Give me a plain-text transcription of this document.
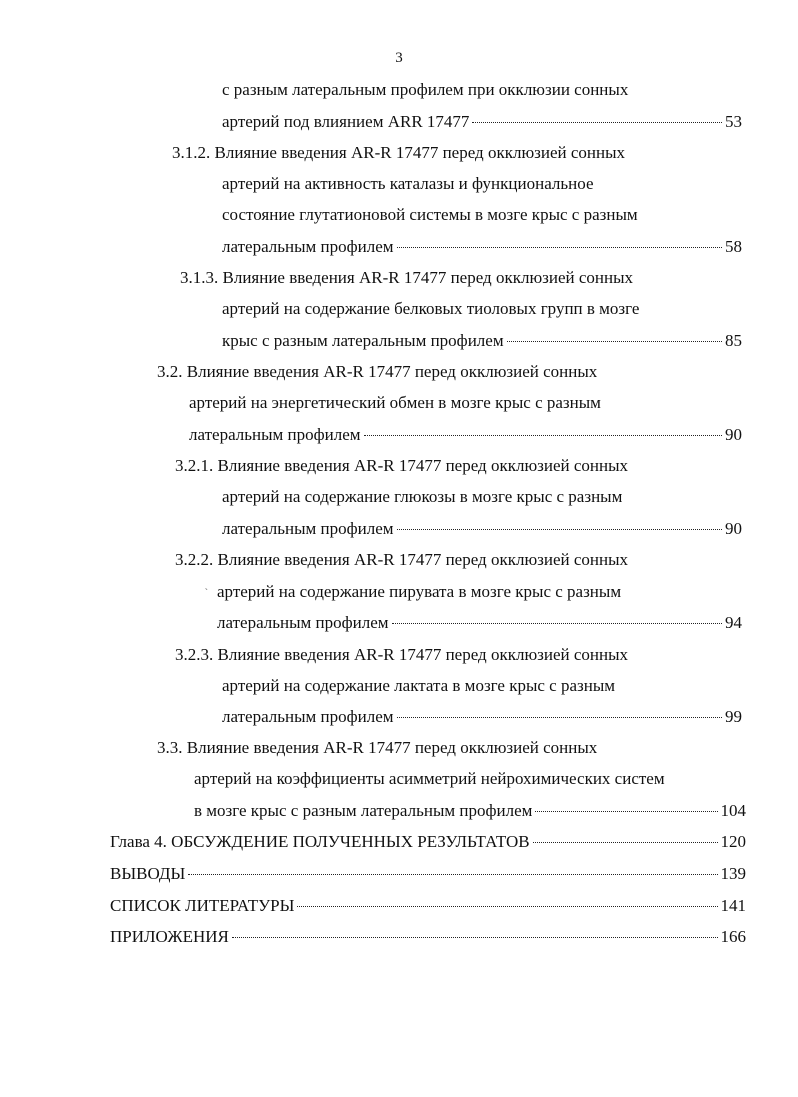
3
с разным латеральным профилем при окклюзии сонных
артерий под влиянием ARR 17477	53
3.1.2. Влияние введения AR-R 17477 перед окклюзией сонных
артерий на активность каталазы и функциональное
состояние глутатионовой системы в мозге крыс с разным
латеральным профилем	58
3.1.3. Влияние введения AR-R 17477 перед окклюзией сонных
артерий на содержание белковых тиоловых групп в мозге
крыс с разным латеральным профилем	85
3.2. Влияние введения AR-R 17477 перед окклюзией сонных
артерий на энергетический обмен в мозге крыс с разным
латеральным профилем	90
3.2.1. Влияние введения AR-R 17477 перед окклюзией сонных
артерий на содержание глюкозы в мозге крыс с разным
латеральным профилем	90
3.2.2. Влияние введения AR-R 17477 перед окклюзией сонных
артерий на содержание пирувата в мозге крыс с разным
латеральным профилем	94
3.2.3. Влияние введения AR-R 17477 перед окклюзией сонных
артерий на содержание лактата в мозге крыс с разным
латеральным профилем	99
3.3. Влияние введения AR-R 17477 перед окклюзией сонных
артерий на коэффициенты асимметрий нейрохимических систем
в мозге крыс с разным латеральным профилем	104
Глава 4. ОБСУЖДЕНИЕ ПОЛУЧЕННЫХ РЕЗУЛЬТАТОВ	120
ВЫВОДЫ	139
СПИСОК ЛИТЕРАТУРЫ	141
ПРИЛОЖЕНИЯ	166
